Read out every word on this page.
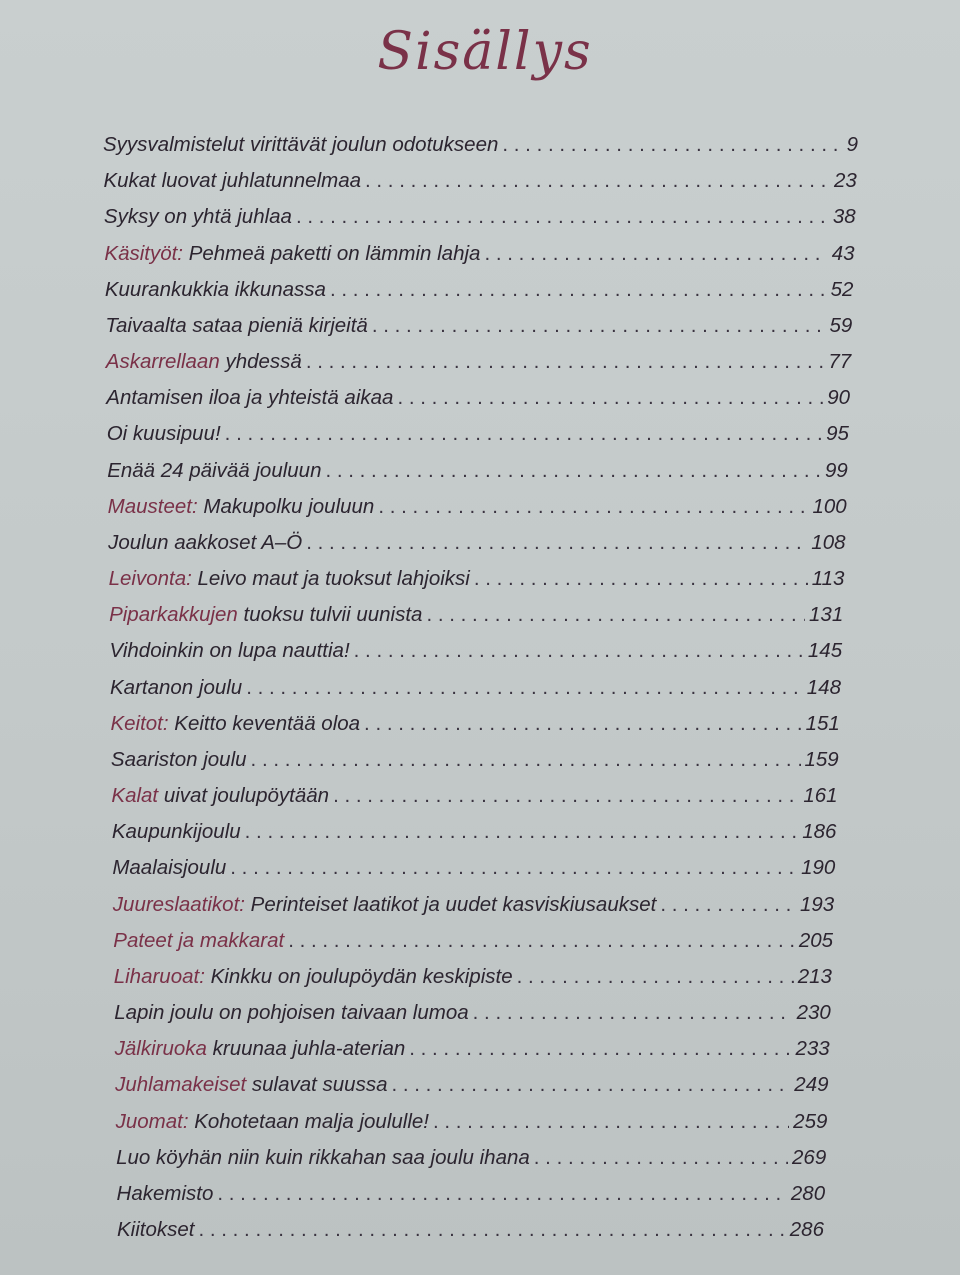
Sisällys
Syysvalmistelut virittävät joulun odotukseen . . .	9
Kukat luovat juhlatunnelmaa . . .	23
Syksy on yhtä juhlaa . . .	38
Käsityöt: Pehmeä paketti on lämmin lahja . . .	43
Kuurankukkia ikkunassa . . .	52
Taivaalta sataa pieniä kirjeitä . . .	59
Askarrellaan yhdessä . . .	77
Antamisen iloa ja yhteistä aikaa . . .	90
Oi kuusipuu! . . .	95
Enää 24 päivää jouluun . . .	99
Mausteet: Makupolku jouluun . . .	100
Joulun aakkoset A–Ö . . .	108
Leivonta: Leivo maut ja tuoksut lahjoiksi . . .	113
Piparkakkujen tuoksu tulvii uunista . . .	131
Vihdoinkin on lupa nauttia! . . .	145
Kartanon joulu . . .	148
Keitot: Keitto keventää oloa . . .	151
Saariston joulu . . .	159
Kalat uivat joulupöytään . . .	161
Kaupunkijoulu . . .	186
Maalaisjoulu . . .	190
Juureslaatikot: Perinteiset laatikot ja uudet kasviskiusaukset . . .	193
Pateet ja makkarat . . .	205
Liharuoat: Kinkku on joulupöydän keskipiste . . .	213
Lapin joulu on pohjoisen taivaan lumoa . . .	230
Jälkiruoka kruunaa juhla-aterian . . .	233
Juhlamakeiset sulavat suussa . . .	249
Juomat: Kohotetaan malja joululle! . . .	259
Luo köyhän niin kuin rikkahan saa joulu ihana . . .	269
Hakemisto . . .	280
Kiitokset . . .	286
